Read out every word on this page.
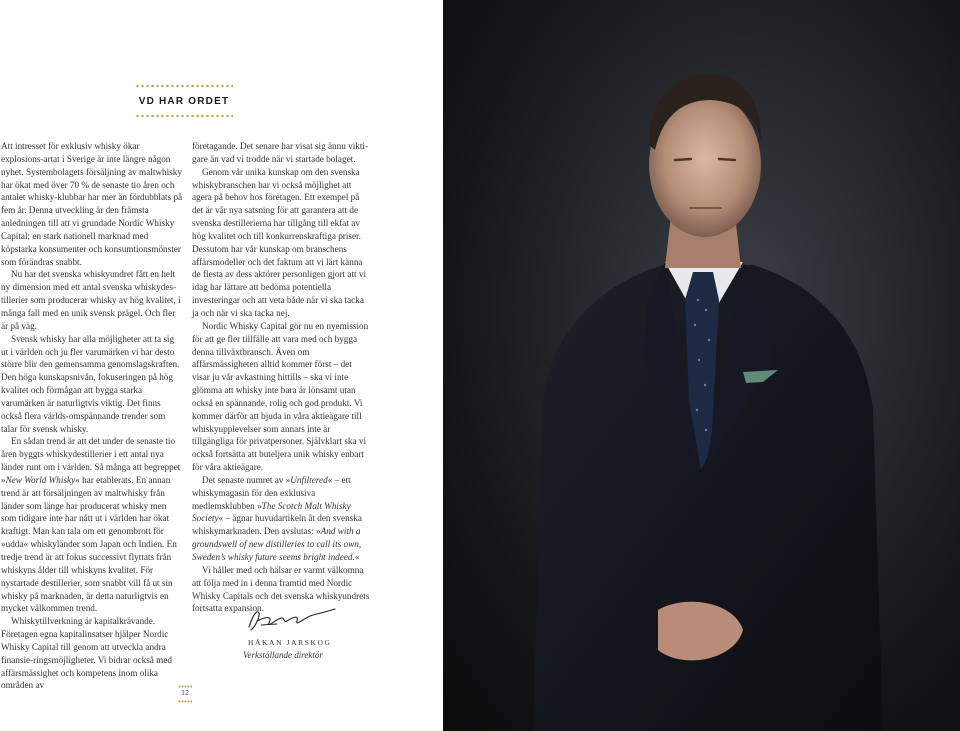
VD HAR ORDET

Att intresset för exklusiv whisky ökar explosions-artat i Sverige är inte längre någon nyhet. Systembolagets försäljning av maltwhisky har ökat med över 70 % de senaste tio åren och antalet whisky-klubbar har mer än fördubblats på fem år. Denna utveckling är den främsta anledningen till att vi grundade Nordic Whisky Capital; en stark nationell marknad med köpstarka konsumenter och konsumtionsmönster som förändras snabbt.

Nu har det svenska whiskyundret fått en helt ny dimension med ett antal svenska whiskydes-tillerier som producerar whisky av hög kvalitet, i många fall med en unik svensk prägel. Och fler är på väg.

Svensk whisky har alla möjligheter att ta sig ut i världen och ju fler varumärken vi har desto större blir den gemensamma genomslagskraften. Den höga kunskapsnivån, fokuseringen på hög kvalitet och förmågan att bygga starka varumärken är naturligtvis viktig. Det finns också flera världs-omspännande trender som talar för svensk whisky.

En sådan trend är att det under de senaste tio åren byggts whiskydestillerier i ett antal nya länder runt om i världen. Så många att begreppet »New World Whisky« har etablerats. En annan trend är att försäljningen av maltwhisky från länder som länge har producerat whisky men som tidigare inte har nått ut i världen har ökat kraftigt. Man kan tala om ett genombrott för »udda« whiskyländer som Japan och Indien. En tredje trend är att fokus successivt flyttats från whiskyns ålder till whiskyns kvalitet. För nystartade destillerier, som snabbt vill få ut sin whisky på marknaden, är detta naturligtvis en mycket välkommen trend.

Whiskytillverkning är kapitalkrävande. Företagen egna kapitalinsatser hjälper Nordic Whisky Capital till genom att utveckla andra finansie-ringsmöjligheter. Vi bidrar också med affärsmässighet och kompetens inom olika områden av

företagande. Det senare har visat sig ännu vikti-gare än vad vi trodde när vi startade bolaget.

Genom vår unika kunskap om den svenska whiskybranschen har vi också möjlighet att agera på behov hos företagen. Ett exempel på det är vår nya satsning för att garantera att de svenska destillerierna har tillgång till ekfat av hög kvalitet och till konkurrenskraftiga priser. Dessutom har vår kunskap om branschens affärsmodeller och det faktum att vi lärt känna de flesta av dess aktörer personligen gjort att vi idag har lättare att bedöma potentiella investeringar och att veta både när vi ska tacka ja och när vi ska tacka nej.

Nordic Whisky Capital gör nu en nyemission för att ge fler tillfälle att vara med och bygga denna tillväxtbransch. Även om affärsmässigheten alltid kommer först – det visar ju vår avkastning hittills – ska vi inte glömma att whisky inte bara är lönsamt utan också en spännande, rolig och god produkt. Vi kommer därför att bjuda in våra aktieägare till whiskyupplevelser som annars inte är tillgängliga för privatpersoner. Självklart ska vi också fortsätta att buteljera unik whisky enbart för våra aktieägare.

Det senaste numret av »Unfiltered« – ett whiskymagasin för den exklusiva medlemsklubben »The Scotch Malt Whisky Society« – ägnar huvudartikeln åt den svenska whiskymarknaden. Den avslutas: »And with a groundswell of new distilleries to call its own, Sweden’s whisky future seems bright indeed.«

Vi håller med och hälsar er varmt välkomna att följa med in i denna framtid med Nordic Whisky Capitals och det svenska whiskyundrets fortsatta expansion.

HÅKAN JARSKOG
Verkställande direktör
12
